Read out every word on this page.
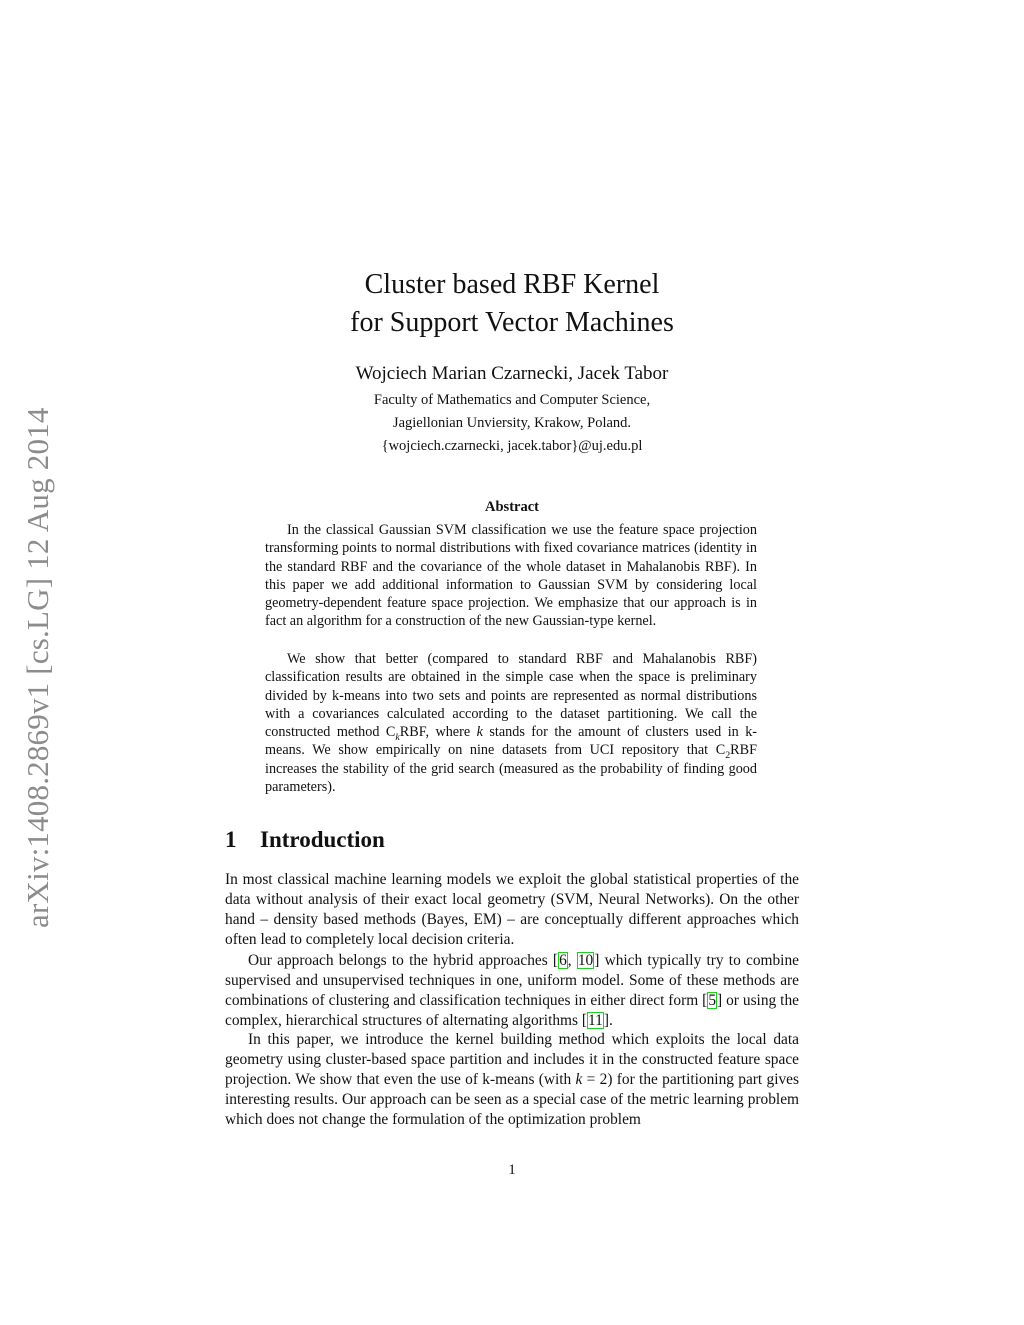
arXiv:1408.2869v1 [cs.LG] 12 Aug 2014
Cluster based RBF Kernel
for Support Vector Machines
Wojciech Marian Czarnecki, Jacek Tabor
Faculty of Mathematics and Computer Science,
Jagiellonian Unviersity, Krakow, Poland.
{wojciech.czarnecki, jacek.tabor}@uj.edu.pl
Abstract

In the classical Gaussian SVM classification we use the feature space projection transforming points to normal distributions with fixed covariance matrices (identity in the standard RBF and the covariance of the whole dataset in Mahalanobis RBF). In this paper we add additional information to Gaussian SVM by considering local geometry-dependent feature space projection. We emphasize that our approach is in fact an algorithm for a construction of the new Gaussian-type kernel.

We show that better (compared to standard RBF and Mahalanobis RBF) classification results are obtained in the simple case when the space is preliminary divided by k-means into two sets and points are represented as normal distributions with a covariances calculated according to the dataset partitioning. We call the constructed method $C_kRBF$, where k stands for the amount of clusters used in k-means. We show empirically on nine datasets from UCI repository that $C_2RBF$ increases the stability of the grid search (measured as the probability of finding good parameters).

1 Introduction

In most classical machine learning models we exploit the global statistical properties of the data without analysis of their exact local geometry (SVM, Neural Networks). On the other hand – density based methods (Bayes, EM) – are conceptually different approaches which often lead to completely local decision criteria.

Our approach belongs to the hybrid approaches [6, 10] which typically try to combine supervised and unsupervised techniques in one, uniform model. Some of these methods are combinations of clustering and classification techniques in either direct form [5] or using the complex, hierarchical structures of alternating algorithms [11].

In this paper, we introduce the kernel building method which exploits the local data geometry using cluster-based space partition and includes it in the constructed feature space projection. We show that even the use of k-means (with k = 2) for the partitioning part gives interesting results. Our approach can be seen as a special case of the metric learning problem which does not change the formulation of the optimization problem

1
